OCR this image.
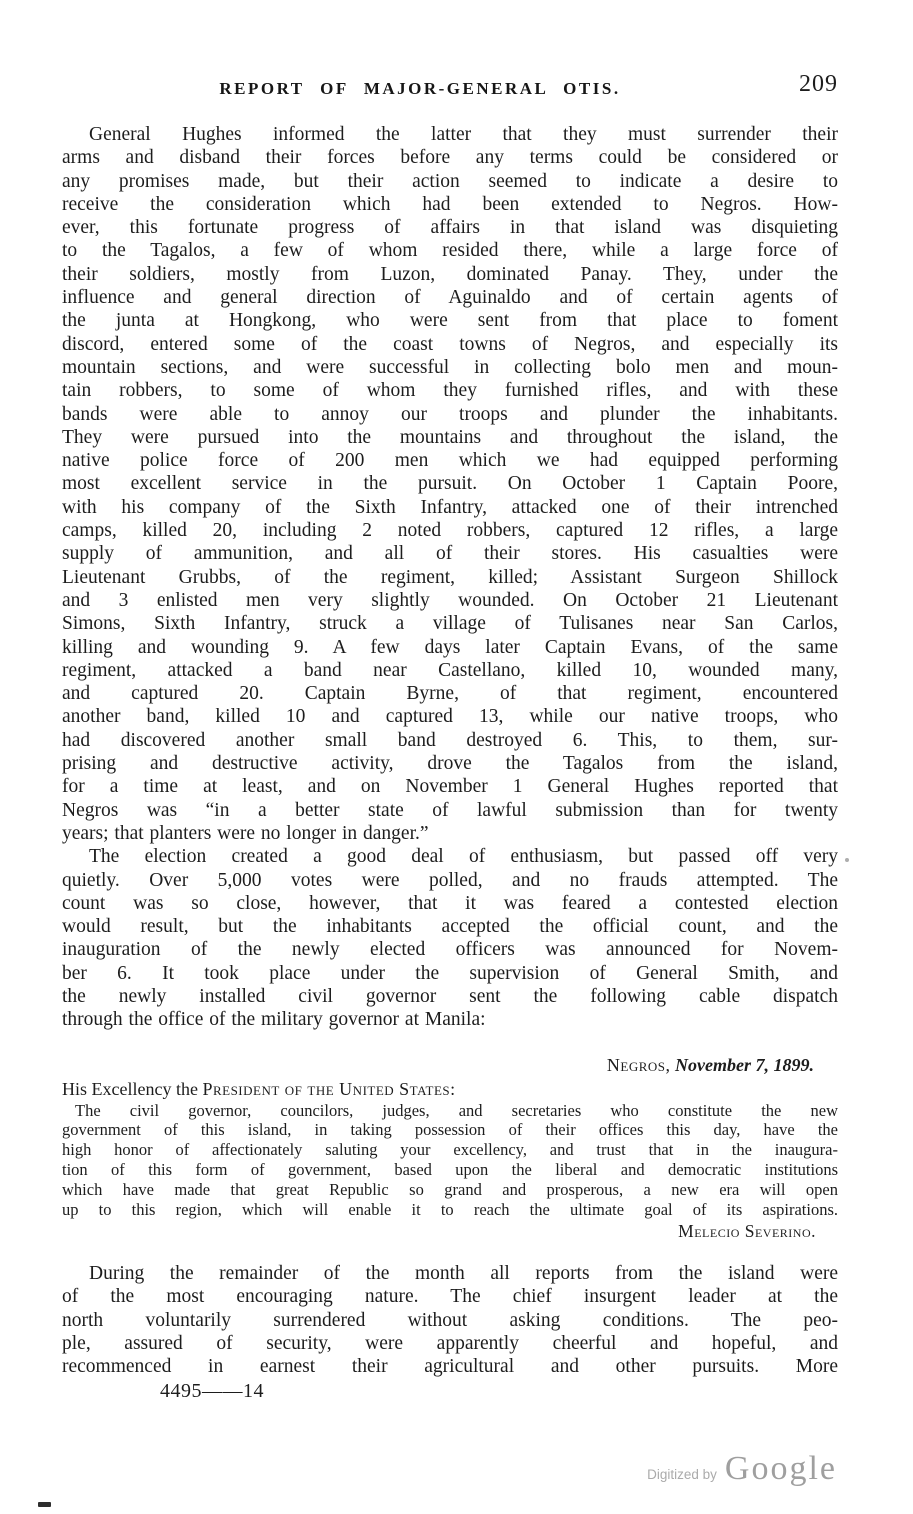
REPORT OF MAJOR-GENERAL OTIS.	209
General Hughes informed the latter that they must surrender their
arms and disband their forces before any terms could be considered or
any promises made, but their action seemed to indicate a desire to
receive the consideration which had been extended to Negros. How-
ever, this fortunate progress of affairs in that island was disquieting
to the Tagalos, a few of whom resided there, while a large force of
their soldiers, mostly from Luzon, dominated Panay. They, under the
influence and general direction of Aguinaldo and of certain agents of
the junta at Hongkong, who were sent from that place to foment
discord, entered some of the coast towns of Negros, and especially its
mountain sections, and were successful in collecting bolo men and moun-
tain robbers, to some of whom they furnished rifles, and with these
bands were able to annoy our troops and plunder the inhabitants.
They were pursued into the mountains and throughout the island, the
native police force of 200 men which we had equipped performing
most excellent service in the pursuit. On October 1 Captain Poore,
with his company of the Sixth Infantry, attacked one of their intrenched
camps, killed 20, including 2 noted robbers, captured 12 rifles, a large
supply of ammunition, and all of their stores. His casualties were
Lieutenant Grubbs, of the regiment, killed; Assistant Surgeon Shillock
and 3 enlisted men very slightly wounded. On October 21 Lieutenant
Simons, Sixth Infantry, struck a village of Tulisanes near San Carlos,
killing and wounding 9. A few days later Captain Evans, of the same
regiment, attacked a band near Castellano, killed 10, wounded many,
and captured 20. Captain Byrne, of that regiment, encountered
another band, killed 10 and captured 13, while our native troops, who
had discovered another small band destroyed 6. This, to them, sur-
prising and destructive activity, drove the Tagalos from the island,
for a time at least, and on November 1 General Hughes reported that
Negros was “in a better state of lawful submission than for twenty
years; that planters were no longer in danger.”
The election created a good deal of enthusiasm, but passed off very
quietly. Over 5,000 votes were polled, and no frauds attempted. The
count was so close, however, that it was feared a contested election
would result, but the inhabitants accepted the official count, and the
inauguration of the newly elected officers was announced for Novem-
ber 6. It took place under the supervision of General Smith, and
the newly installed civil governor sent the following cable dispatch
through the office of the military governor at Manila:
Negros, November 7, 1899.
His Excellency the President of the United States:
The civil governor, councilors, judges, and secretaries who constitute the new
government of this island, in taking possession of their offices this day, have the
high honor of affectionately saluting your excellency, and trust that in the inaugura-
tion of this form of government, based upon the liberal and democratic institutions
which have made that great Republic so grand and prosperous, a new era will open
up to this region, which will enable it to reach the ultimate goal of its aspirations.
Melecio Severino.
During the remainder of the month all reports from the island were
of the most encouraging nature. The chief insurgent leader at the
north voluntarily surrendered without asking conditions. The peo-
ple, assured of security, were apparently cheerful and hopeful, and
recommenced in earnest their agricultural and other pursuits. More
4495——14
Digitized by Google
